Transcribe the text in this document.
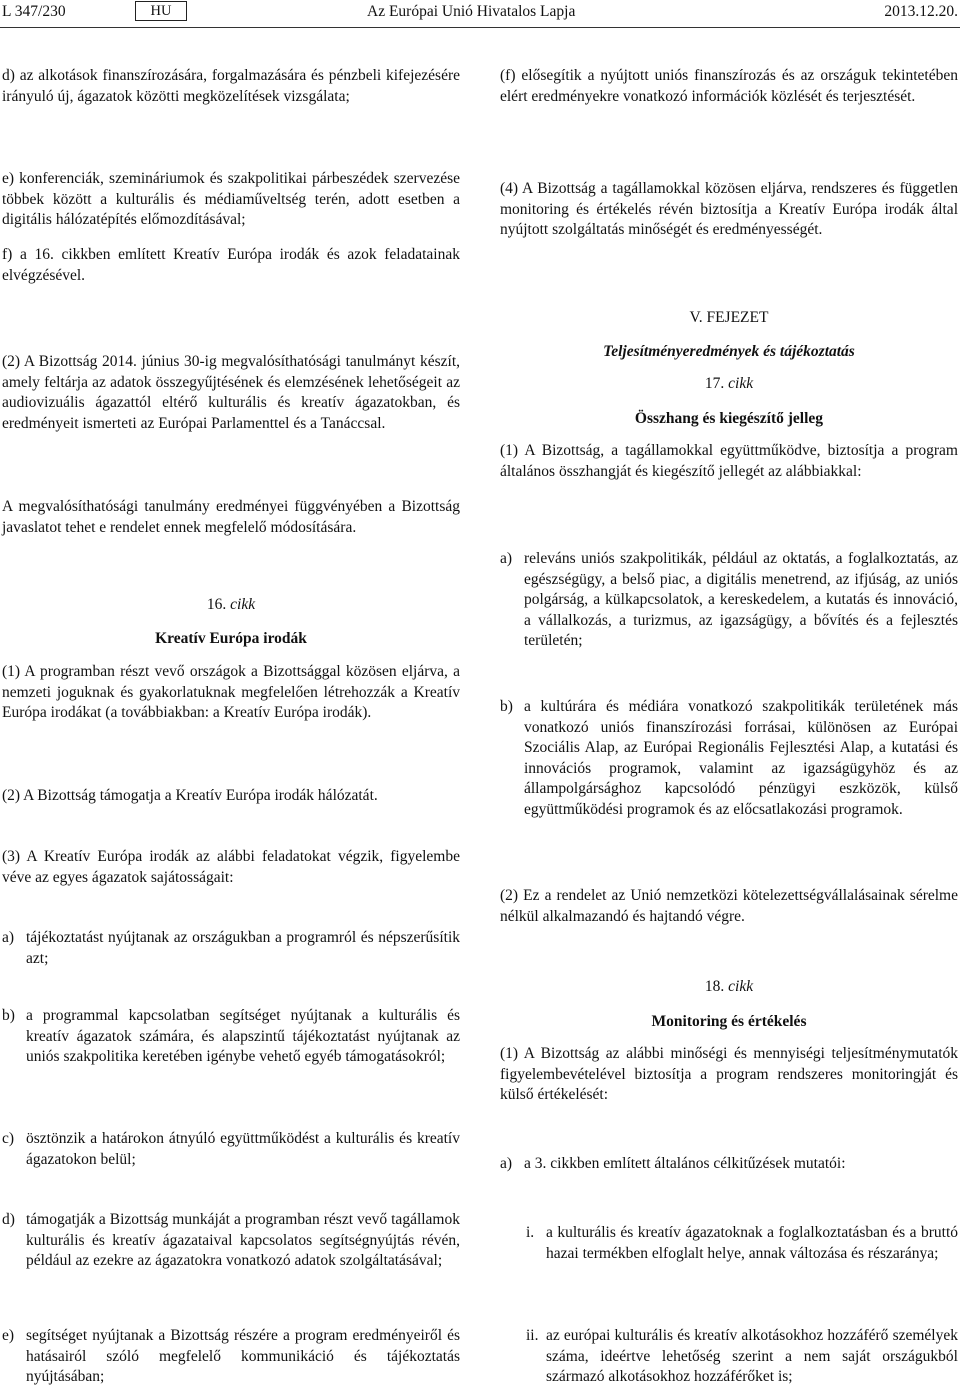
L 347/230	HU	Az Európai Unió Hivatalos Lapja	2013.12.20.
d) az alkotások finanszírozására, forgalmazására és pénzbeli kifejezésére irányuló új, ágazatok közötti megközelítések vizsgálata;
e) konferenciák, szemináriumok és szakpolitikai párbeszédek szervezése többek között a kulturális és médiaműveltség terén, adott esetben a digitális hálózatépítés előmozdításával;
f) a 16. cikkben említett Kreatív Európa irodák és azok feladatainak elvégzésével.
(2) A Bizottság 2014. június 30-ig megvalósíthatósági tanulmányt készít, amely feltárja az adatok összegyűjtésének és elemzésének lehetőségeit az audiovizuális ágazattól eltérő kulturális és kreatív ágazatokban, és eredményeit ismerteti az Európai Parlamenttel és a Tanáccsal.
A megvalósíthatósági tanulmány eredményei függvényében a Bizottság javaslatot tehet e rendelet ennek megfelelő módosítására.
16. cikk
Kreatív Európa irodák
(1) A programban részt vevő országok a Bizottsággal közösen eljárva, a nemzeti joguknak és gyakorlatuknak megfelelően létrehozzák a Kreatív Európa irodákat (a továbbiakban: a Kreatív Európa irodák).
(2) A Bizottság támogatja a Kreatív Európa irodák hálózatát.
(3) A Kreatív Európa irodák az alábbi feladatokat végzik, figyelembe véve az egyes ágazatok sajátosságait:
a) tájékoztatást nyújtanak az országukban a programról és népszerűsítik azt;
b) a programmal kapcsolatban segítséget nyújtanak a kulturális és kreatív ágazatok számára, és alapszintű tájékoztatást nyújtanak az uniós szakpolitika keretében igénybe vehető egyéb támogatásokról;
c) ösztönzik a határokon átnyúló együttműködést a kulturális és kreatív ágazatokon belül;
d) támogatják a Bizottság munkáját a programban részt vevő tagállamok kulturális és kreatív ágazataival kapcsolatos segítségnyújtás révén, például az ezekre az ágazatokra vonatkozó adatok szolgáltatásával;
e) segítséget nyújtanak a Bizottság részére a program eredményeiről és hatásairól szóló megfelelő kommunikáció és tájékoztatás nyújtásában;
(f) elősegítik a nyújtott uniós finanszírozás és az országuk tekintetében elért eredményekre vonatkozó információk közlését és terjesztését.
(4) A Bizottság a tagállamokkal közösen eljárva, rendszeres és független monitoring és értékelés révén biztosítja a Kreatív Európa irodák által nyújtott szolgáltatás minőségét és eredményességét.
V. FEJEZET
Teljesítményeredmények és tájékoztatás
17. cikk
Összhang és kiegészítő jelleg
(1) A Bizottság, a tagállamokkal együttműködve, biztosítja a program általános összhangját és kiegészítő jellegét az alábbiakkal:
a) releváns uniós szakpolitikák, például az oktatás, a foglalkoztatás, az egészségügy, a belső piac, a digitális menetrend, az ifjúság, az uniós polgárság, a külkapcsolatok, a kereskedelem, a kutatás és innováció, a vállalkozás, a turizmus, az igazságügy, a bővítés és a fejlesztés területén;
b) a kultúrára és médiára vonatkozó szakpolitikák területének más vonatkozó uniós finanszírozási forrásai, különösen az Európai Szociális Alap, az Európai Regionális Fejlesztési Alap, a kutatási és innovációs programok, valamint az igazságügyhöz és az állampolgársághoz kapcsolódó pénzügyi eszközök, külső együttműködési programok és az előcsatlakozási programok.
(2) Ez a rendelet az Unió nemzetközi kötelezettségvállalásainak sérelme nélkül alkalmazandó és hajtandó végre.
18. cikk
Monitoring és értékelés
(1) A Bizottság az alábbi minőségi és mennyiségi teljesítménymutatók figyelembevételével biztosítja a program rendszeres monitoringját és külső értékelését:
a) a 3. cikkben említett általános célkitűzések mutatói:
i. a kulturális és kreatív ágazatoknak a foglalkoztatásban és a bruttó hazai termékben elfoglalt helye, annak változása és részaránya;
ii. az európai kulturális és kreatív alkotásokhoz hozzáférő személyek száma, ideértve lehetőség szerint a nem saját országukból származó alkotásokhoz hozzáférőket is;
